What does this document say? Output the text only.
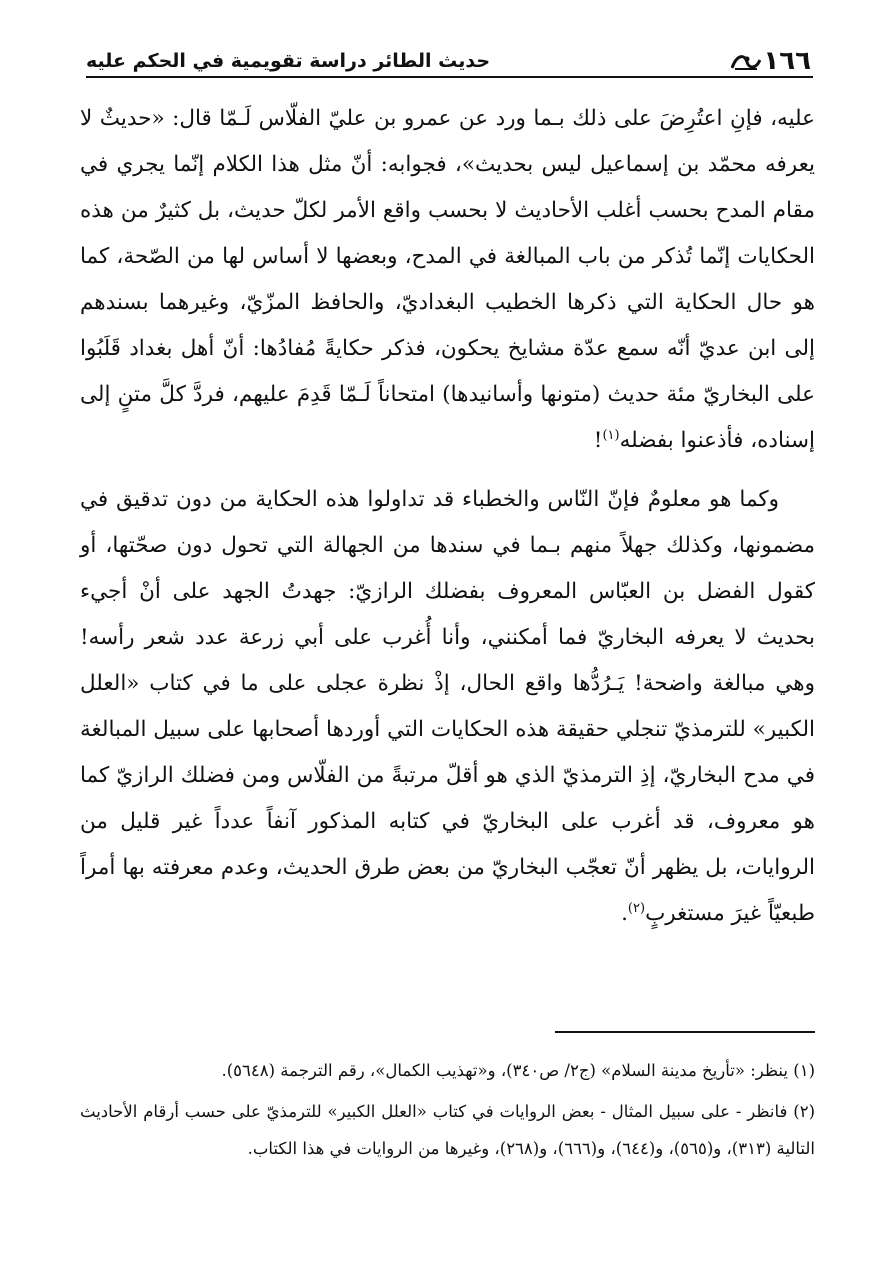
١٦٦
حديث الطائر دراسة تقويمية في الحكم عليه

عليه، فإنِ اعتُرِضَ على ذلك بـما ورد عن عمرو بن عليّ الفلّاس لَـمّا قال: «حديثٌ لا يعرفه محمّد بن إسماعيل ليس بحديث»، فجوابه: أنّ مثل هذا الكلام إنّما يجري في مقام المدح بحسب أغلب الأحاديث لا بحسب واقع الأمر لكلّ حديث، بل كثيرٌ من هذه الحكايات إنّما تُذكر من باب المبالغة في المدح، وبعضها لا أساس لها من الصّحة، كما هو حال الحكاية التي ذكرها الخطيب البغداديّ، والحافظ المزّيّ، وغيرهما بسندهم إلى ابن عديّ أنّه سمع عدّة مشايخ يحكون، فذكر حكايةً مُفادُها: أنّ أهل بغداد قَلَبُوا على البخاريّ مئة حديث (متونها وأسانيدها) امتحاناً لَـمّا قَدِمَ عليهم، فردَّ كلَّ متنٍ إلى إسناده، فأذعنوا بفضله$^{(١)}$!

وكما هو معلومٌ فإنّ النّاس والخطباء قد تداولوا هذه الحكاية من دون تدقيق في مضمونها، وكذلك جهلاً منهم بـما في سندها من الجهالة التي تحول دون صحّتها، أو كقول الفضل بن العبّاس المعروف بفضلك الرازيّ: جهدتُ الجهد على أنْ أجيء بحديث لا يعرفه البخاريّ فما أمكنني، وأنا أُغرب على أبي زرعة عدد شعر رأسه! وهي مبالغة واضحة! يَـرُدُّها واقع الحال، إذْ نظرة عجلى على ما في كتاب «العلل الكبير» للترمذيّ تنجلي حقيقة هذه الحكايات التي أوردها أصحابها على سبيل المبالغة في مدح البخاريّ، إذِ الترمذيّ الذي هو أقلّ مرتبةً من الفلّاس ومن فضلك الرازيّ كما هو معروف، قد أغرب على البخاريّ في كتابه المذكور آنفاً عدداً غير قليل من الروايات، بل يظهر أنّ تعجّب البخاريّ من بعض طرق الحديث، وعدم معرفته بها أمراً طبعيّاً غيرَ مستغربٍ$^{(٢)}$.

(١) ينظر: «تأريخ مدينة السلام» (ج٢/ ص٣٤٠)، و«تهذيب الكمال»، رقم الترجمة (٥٦٤٨).

(٢) فانظر - على سبيل المثال - بعض الروايات في كتاب «العلل الكبير» للترمذيّ على حسب أرقام الأحاديث التالية (٣١٣)، و(٥٦٥)، و(٦٤٤)، و(٦٦٦)، و(٢٦٨)، وغيرها من الروايات في هذا الكتاب.
